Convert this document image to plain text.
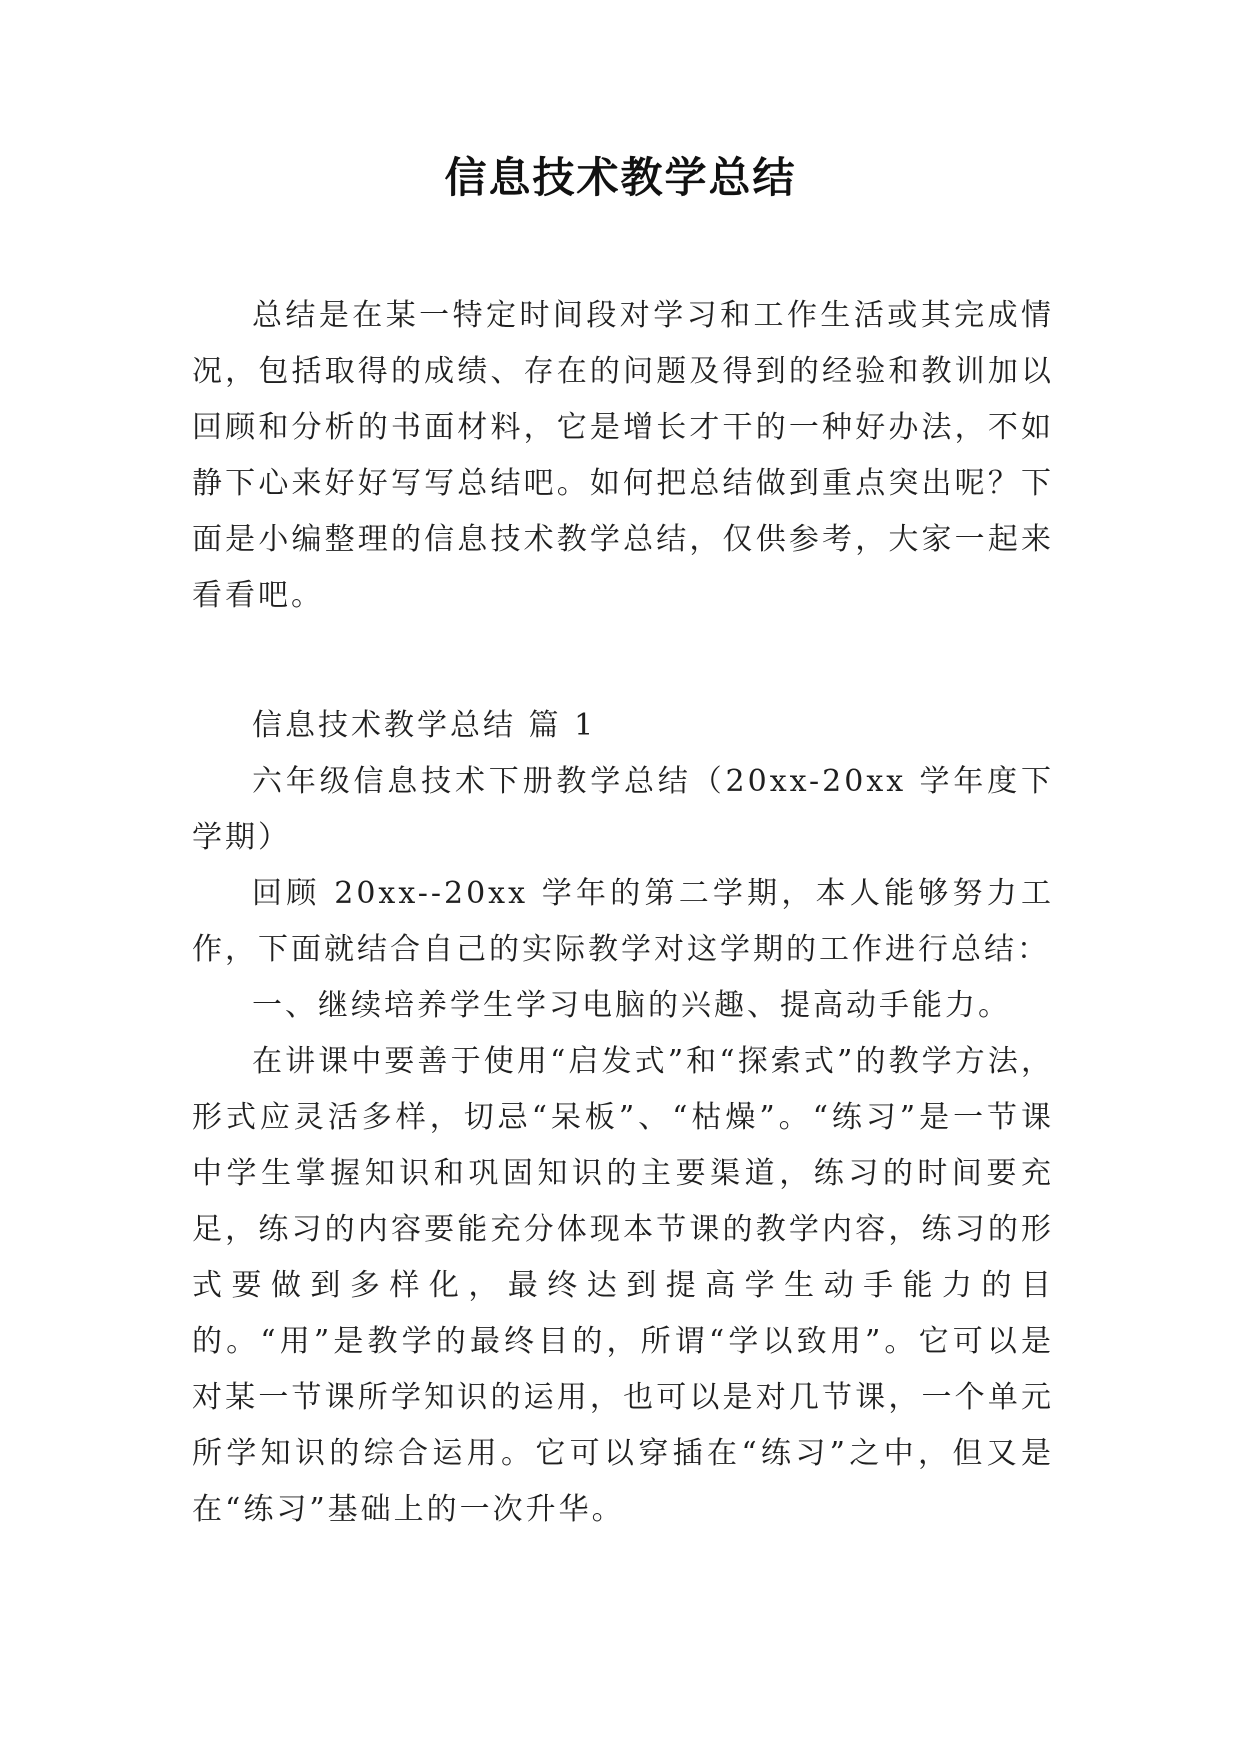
信息技术教学总结

总结是在某一特定时间段对学习和工作生活或其完成情况，包括取得的成绩、存在的问题及得到的经验和教训加以回顾和分析的书面材料，它是增长才干的一种好办法，不如静下心来好好写写总结吧。如何把总结做到重点突出呢？下面是小编整理的信息技术教学总结，仅供参考，大家一起来看看吧。

信息技术教学总结 篇 1

六年级信息技术下册教学总结（20xx-20xx 学年度下学期）

回顾 20xx--20xx 学年的第二学期，本人能够努力工作，下面就结合自己的实际教学对这学期的工作进行总结：

一、继续培养学生学习电脑的兴趣、提高动手能力。

在讲课中要善于使用“启发式”和“探索式”的教学方法，形式应灵活多样，切忌“呆板”、“枯燥”。“练习”是一节课中学生掌握知识和巩固知识的主要渠道，练习的时间要充足，练习的内容要能充分体现本节课的教学内容，练习的形式要做到多样化，最终达到提高学生动手能力的目的。“用”是教学的最终目的，所谓“学以致用”。它可以是对某一节课所学知识的运用，也可以是对几节课，一个单元所学知识的综合运用。它可以穿插在“练习”之中，但又是在“练习”基础上的一次升华。
